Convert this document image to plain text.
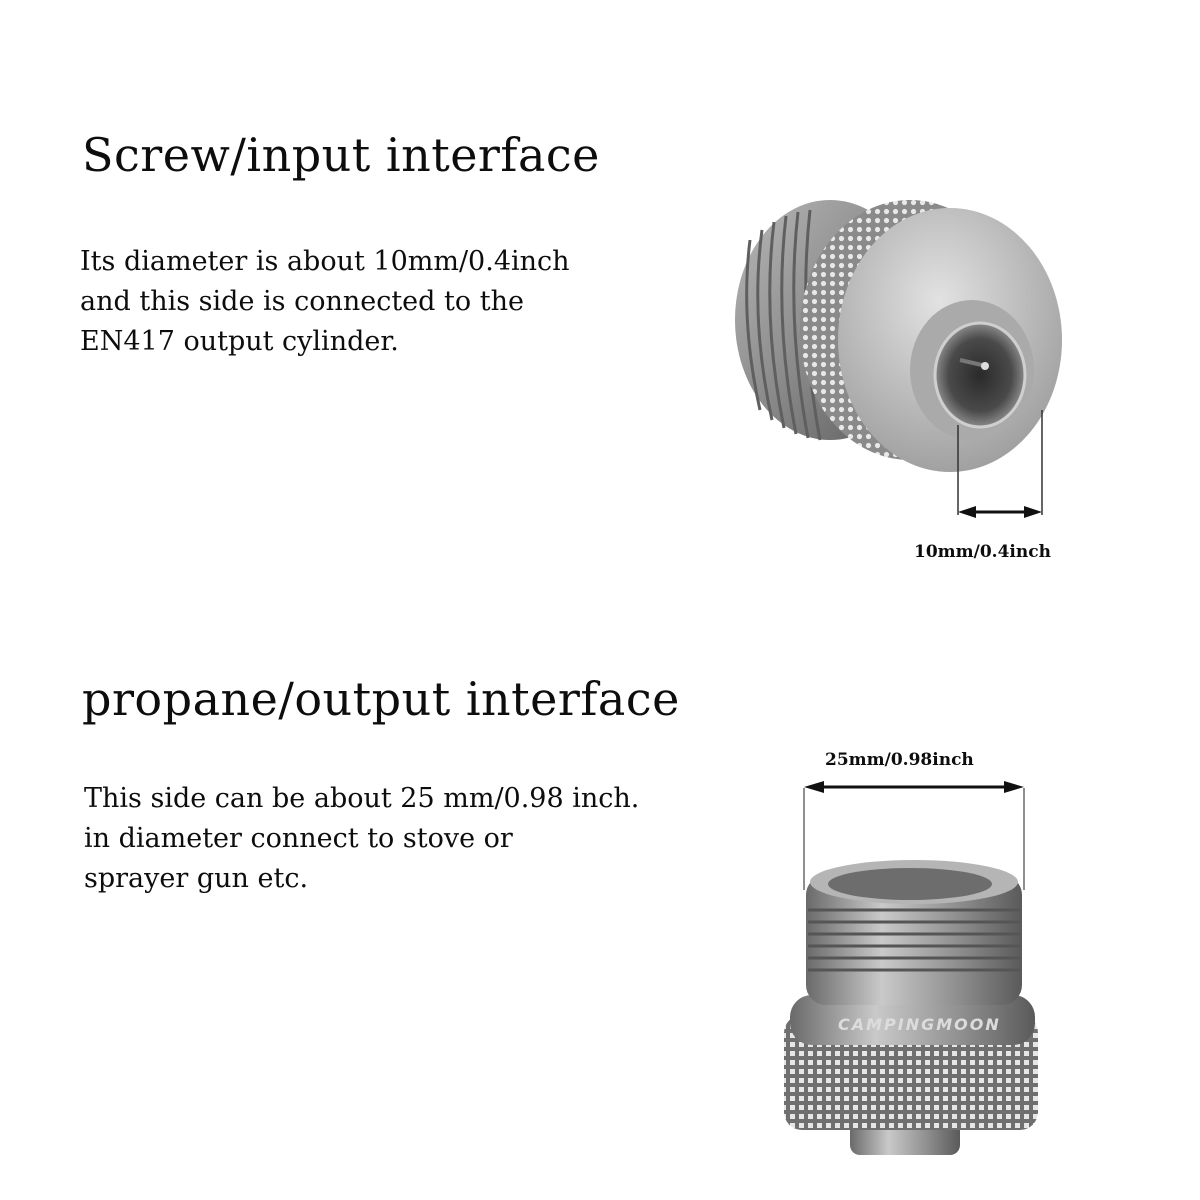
Screw/input interface
Its diameter is about 10mm/0.4inch
and this side is connected to the
EN417 output cylinder.
10mm/0.4inch
propane/output interface
This side can be about 25 mm/0.98 inch.
in diameter connect to stove or
sprayer gun etc.
25mm/0.98inch
CAMPINGMOON
